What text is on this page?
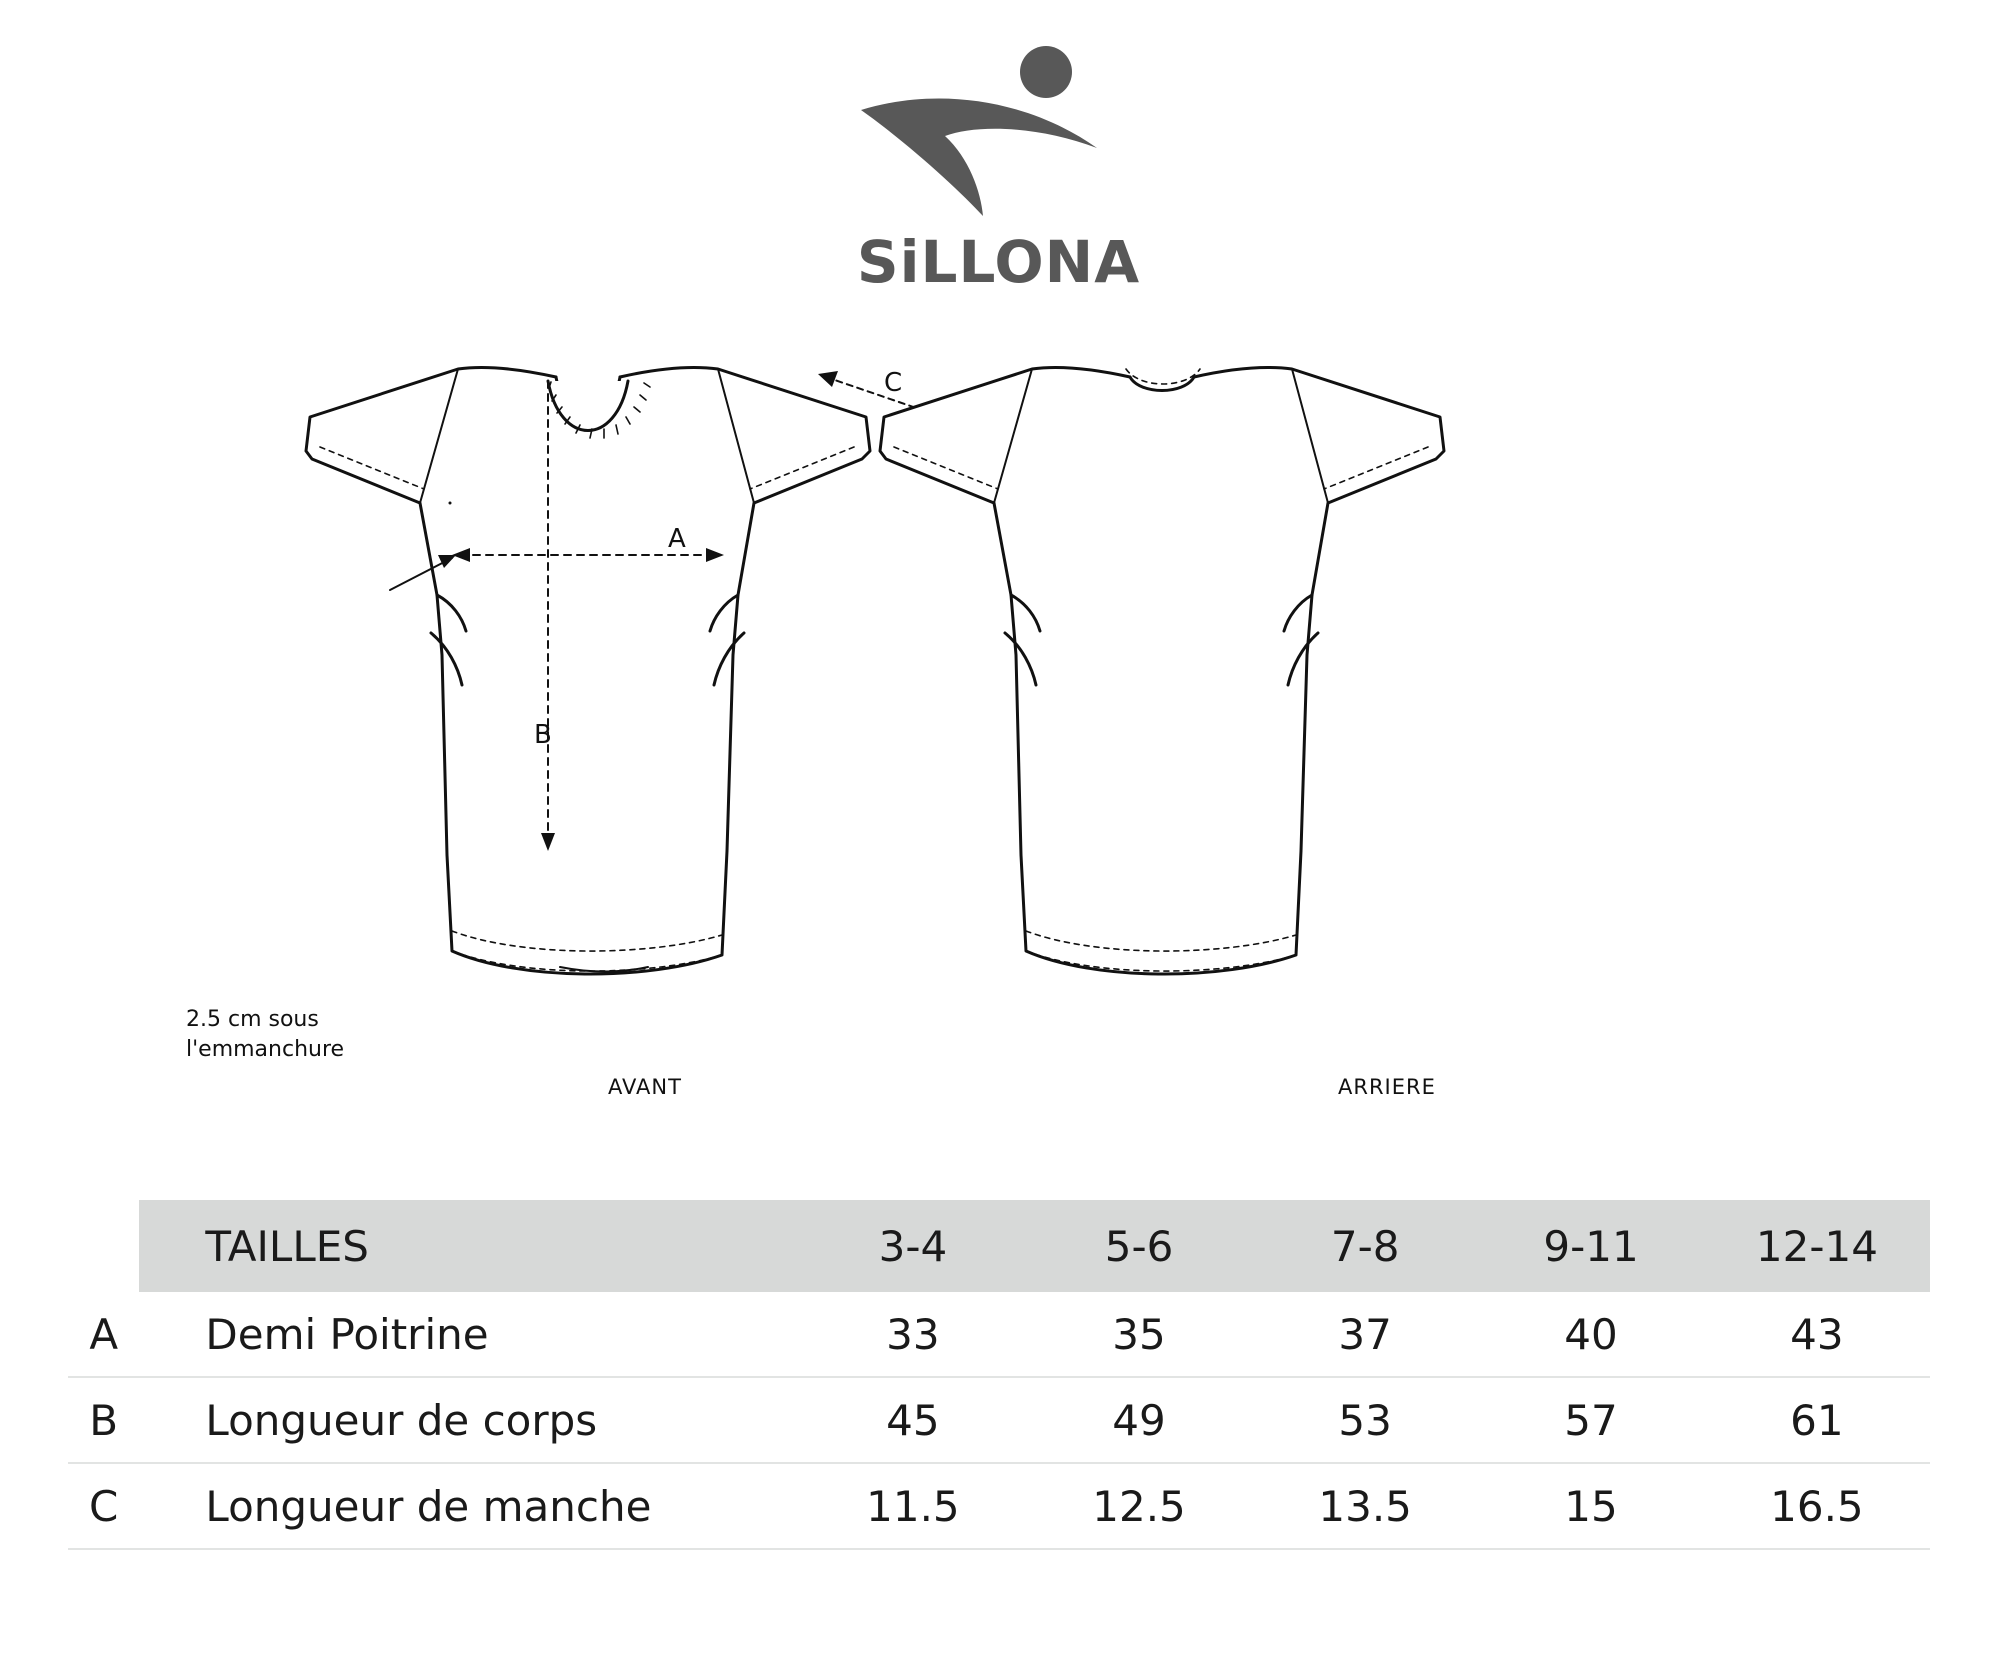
SiLLONA
A
B
C
2.5 cm sous l'emmanchure
AVANT	ARRIERE
	TAILLES	3-4	5-6	7-8	9-11	12-14
A	Demi Poitrine	33	35	37	40	43
B	Longueur de corps	45	49	53	57	61
C	Longueur de manche	11.5	12.5	13.5	15	16.5
